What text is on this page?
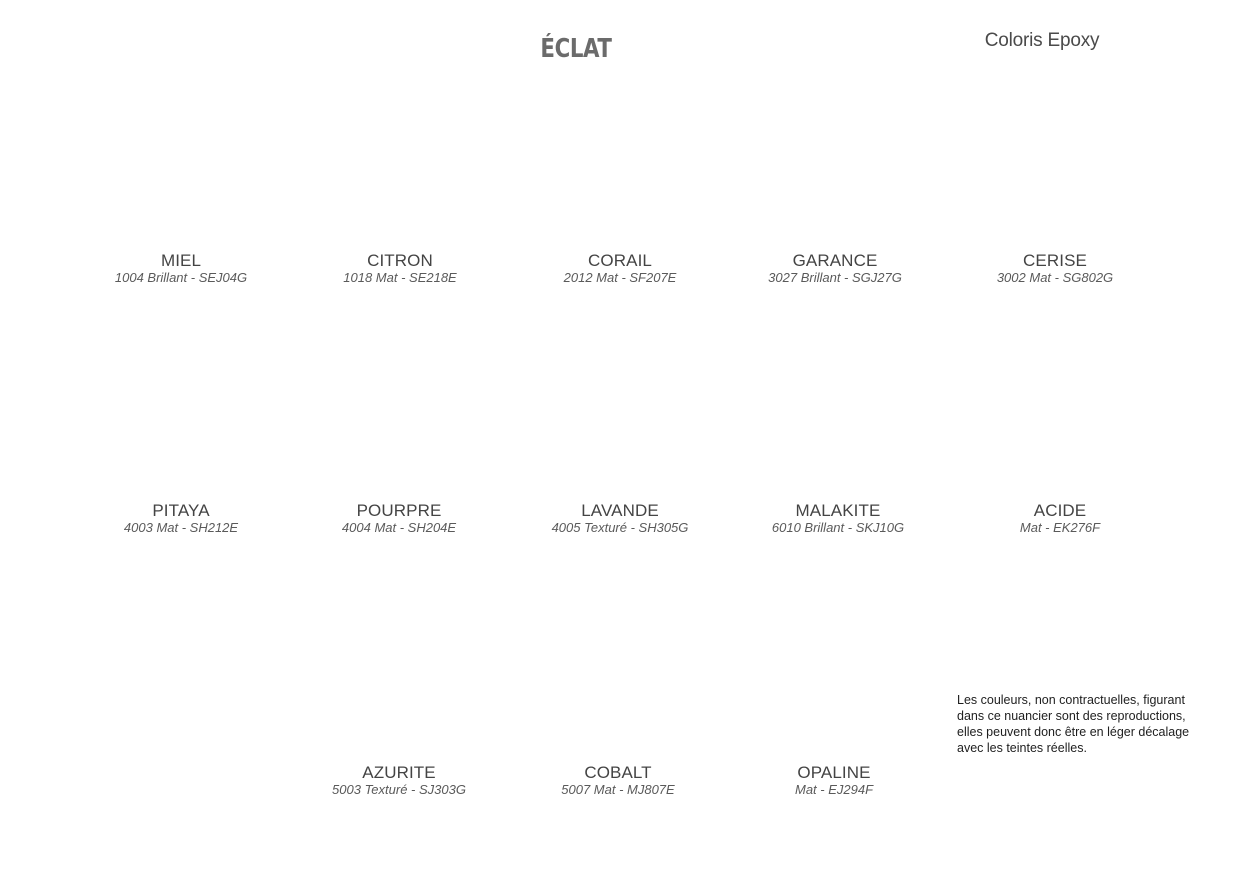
ÉCLAT	Coloris Epoxy
MIEL
1004 Brillant - SEJ04G
CITRON
1018 Mat - SE218E
CORAIL
2012 Mat - SF207E
GARANCE
3027 Brillant - SGJ27G
CERISE
3002 Mat - SG802G
PITAYA
4003 Mat - SH212E
POURPRE
4004 Mat - SH204E
LAVANDE
4005 Texturé - SH305G
MALAKITE
6010 Brillant - SKJ10G
ACIDE
Mat - EK276F
AZURITE
5003 Texturé - SJ303G
COBALT
5007 Mat - MJ807E
OPALINE
Mat - EJ294F
Les couleurs, non contractuelles, figurant
dans ce nuancier sont des reproductions,
elles peuvent donc être en léger décalage
avec les teintes réelles.
